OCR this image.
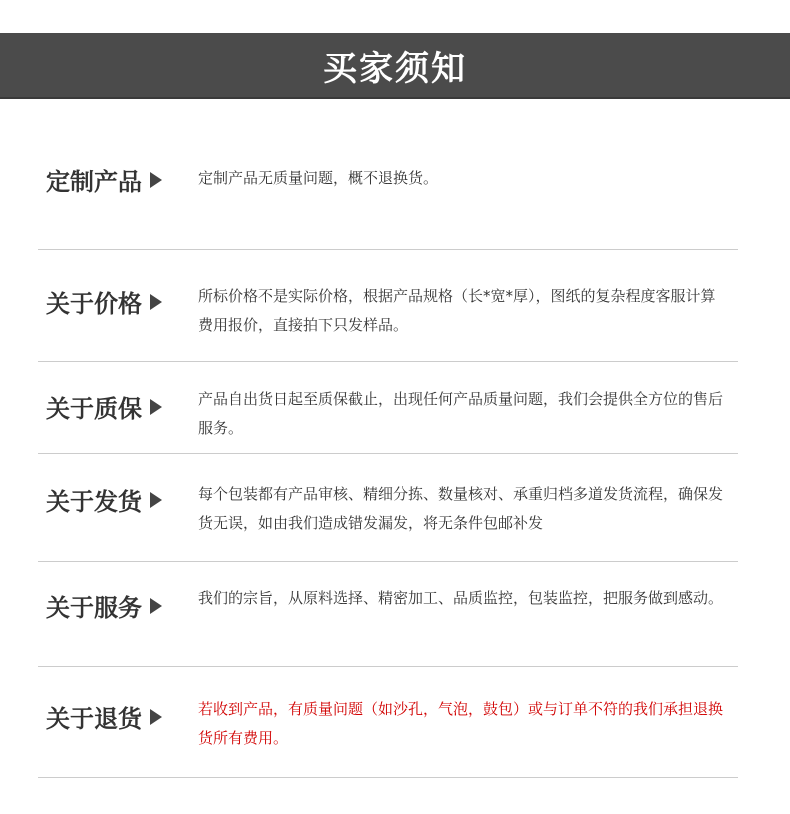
买家须知
定制产品	定制产品无质量问题，概不退换货。
关于价格	所标价格不是实际价格，根据产品规格（长*宽*厚），图纸的复杂程度客服计算费用报价，直接拍下只发样品。
关于质保	产品自出货日起至质保截止，出现任何产品质量问题，我们会提供全方位的售后服务。
关于发货	每个包装都有产品审核、精细分拣、数量核对、承重归档多道发货流程，确保发货无误，如由我们造成错发漏发，将无条件包邮补发
关于服务	我们的宗旨，从原料选择、精密加工、品质监控，包装监控，把服务做到感动。
关于退货	若收到产品，有质量问题（如沙孔，气泡，鼓包）或与订单不符的我们承担退换货所有费用。
